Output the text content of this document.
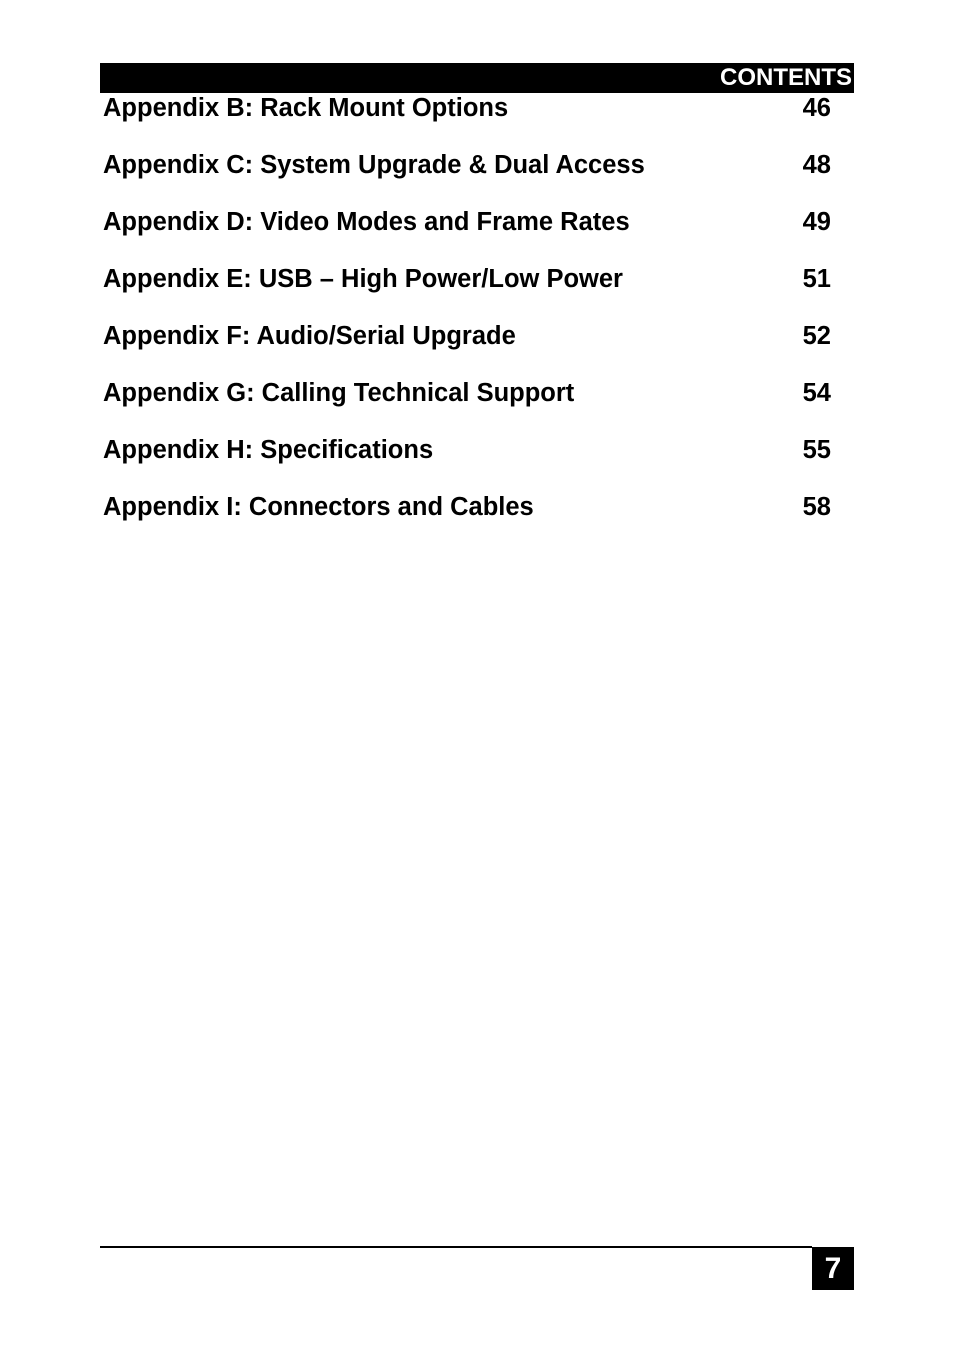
CONTENTS
Appendix B: Rack Mount Options	46
Appendix C: System Upgrade & Dual Access	48
Appendix D: Video Modes and Frame Rates	49
Appendix E: USB – High Power/Low Power	51
Appendix F: Audio/Serial Upgrade	52
Appendix G: Calling Technical Support	54
Appendix H: Specifications	55
Appendix I: Connectors and Cables	58
7
